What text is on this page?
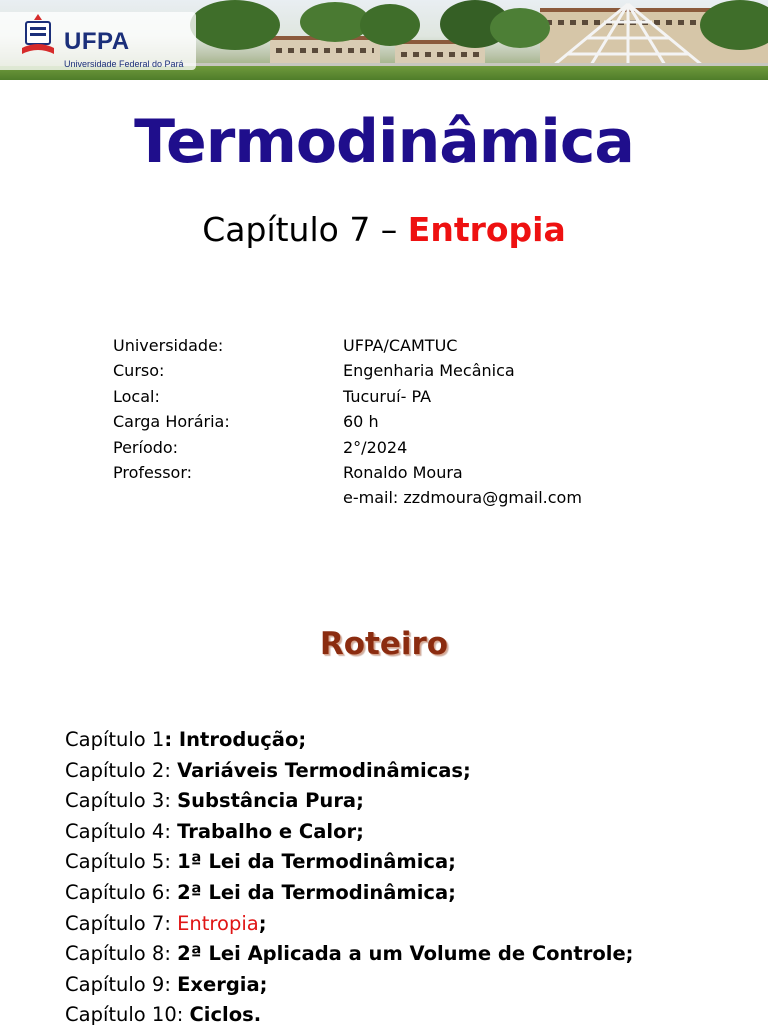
UFPA
Universidade Federal do Pará
Termodinâmica
Capítulo 7 – Entropia
Universidade:	UFPA/CAMTUC
Curso:	Engenharia Mecânica
Local:	Tucuruí- PA
Carga Horária:	60 h
Período:	2°/2024
Professor:	Ronaldo Moura
e-mail: zzdmoura@gmail.com
Roteiro
Capítulo 1: Introdução;
Capítulo 2: Variáveis Termodinâmicas;
Capítulo 3: Substância Pura;
Capítulo 4: Trabalho e Calor;
Capítulo 5: 1ª Lei da Termodinâmica;
Capítulo 6: 2ª Lei da Termodinâmica;
Capítulo 7: Entropia;
Capítulo 8: 2ª Lei Aplicada a um Volume de Controle;
Capítulo 9: Exergia;
Capítulo 10: Ciclos.
